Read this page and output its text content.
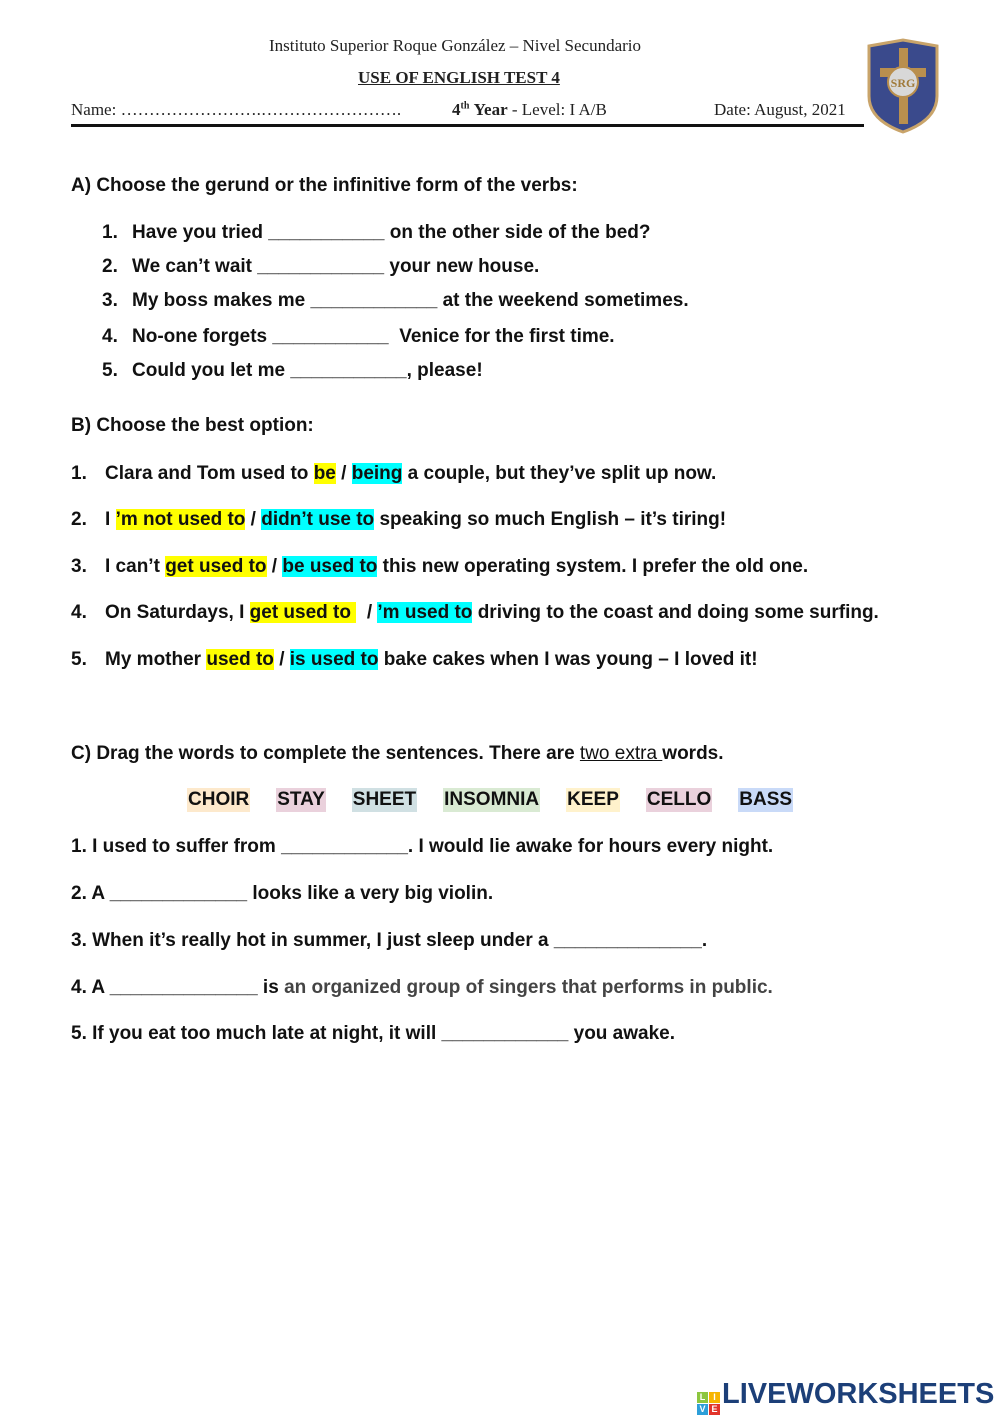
Instituto Superior Roque González – Nivel Secundario
USE OF ENGLISH TEST 4
Name: …………………….…………………….	4th Year - Level: I A/B	Date: August, 2021
SRG
A) Choose the gerund or the infinitive form of the verbs:
1. Have you tried ___________ on the other side of the bed?
2. We can’t wait ____________ your new house.
3. My boss makes me ____________ at the weekend sometimes.
4. No-one forgets ___________  Venice for the first time.
5. Could you let me ___________, please!
B) Choose the best option:
1. Clara and Tom used to be / being a couple, but they’ve split up now.
2. I ’m not used to / didn’t use to speaking so much English – it’s tiring!
3. I can’t get used to / be used to this new operating system. I prefer the old one.
4. On Saturdays, I get used to   / ’m used to driving to the coast and doing some surfing.
5. My mother used to / is used to bake cakes when I was young – I loved it!
C) Drag the words to complete the sentences. There are two extra words.
CHOIR STAY SHEET INSOMNIA KEEP CELLO BASS
1. I used to suffer from ____________. I would lie awake for hours every night.
2. A _____________ looks like a very big violin.
3. When it’s really hot in summer, I just sleep under a ______________.
4. A ______________ is an organized group of singers that performs in public.
5. If you eat too much late at night, it will ____________ you awake.
L I
V E LIVEWORKSHEETS
